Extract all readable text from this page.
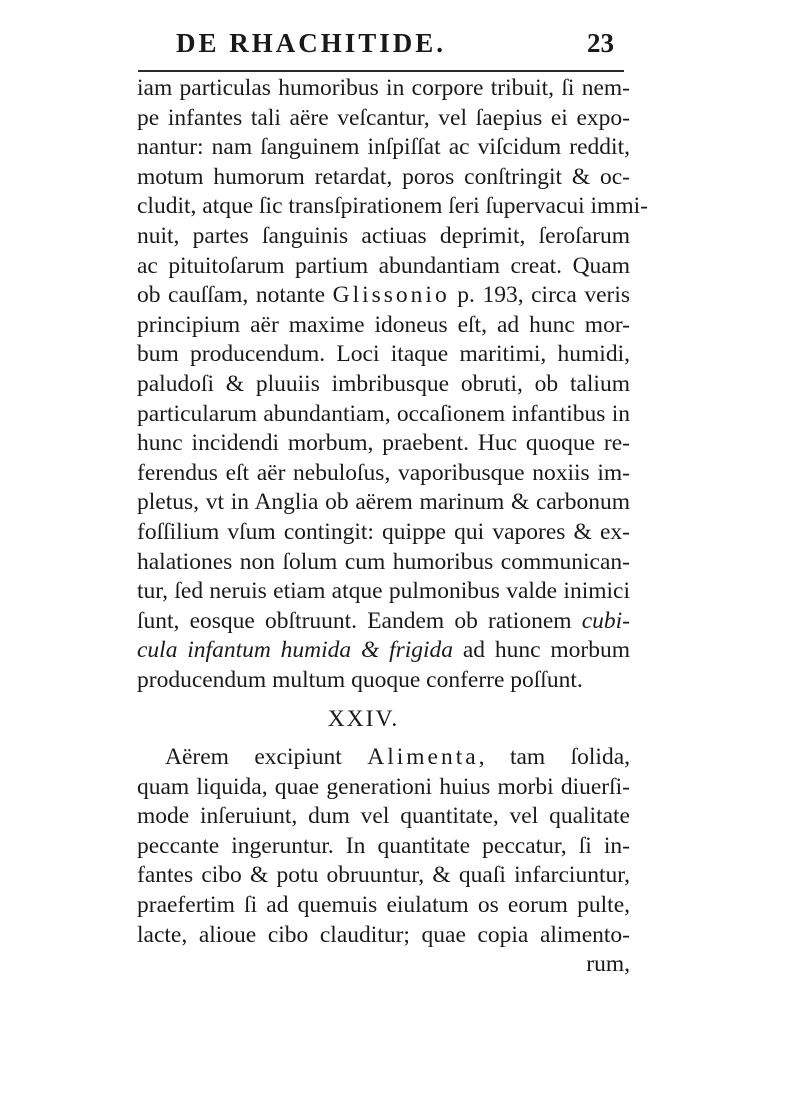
DE RHACHITIDE.	23
iam particulas humoribus in corpore tribuit, ſi nem-
pe infantes tali aëre veſcantur, vel ſaepius ei expo-
nantur: nam ſanguinem inſpiſſat ac viſcidum reddit,
motum humorum retardat, poros conſtringit & oc-
cludit, atque ſic transſpirationem ſeri ſupervacui immi-
nuit, partes ſanguinis actiuas deprimit, ſeroſarum
ac pituitoſarum partium abundantiam creat. Quam
ob cauſſam, notante Glissonio p. 193, circa veris
principium aër maxime idoneus eſt, ad hunc mor-
bum producendum. Loci itaque maritimi, humidi,
paludoſi & pluuiis imbribusque obruti, ob talium
particularum abundantiam, occaſionem infantibus in
hunc incidendi morbum, praebent. Huc quoque re-
ferendus eſt aër nebuloſus, vaporibusque noxiis im-
pletus, vt in Anglia ob aërem marinum & carbonum
foſſilium vſum contingit: quippe qui vapores & ex-
halationes non ſolum cum humoribus communican-
tur, ſed neruis etiam atque pulmonibus valde inimici
ſunt, eosque obſtruunt. Eandem ob rationem cubi-
cula infantum humida & frigida ad hunc morbum
producendum multum quoque conferre poſſunt.
XXIV.
Aërem excipiunt Alimenta, tam ſolida,
quam liquida, quae generationi huius morbi diuerſi-
mode inſeruiunt, dum vel quantitate, vel qualitate
peccante ingeruntur. In quantitate peccatur, ſi in-
fantes cibo & potu obruuntur, & quaſi infarciuntur,
praefertim ſi ad quemuis eiulatum os eorum pulte,
lacte, alioue cibo clauditur; quae copia alimento-
rum,
